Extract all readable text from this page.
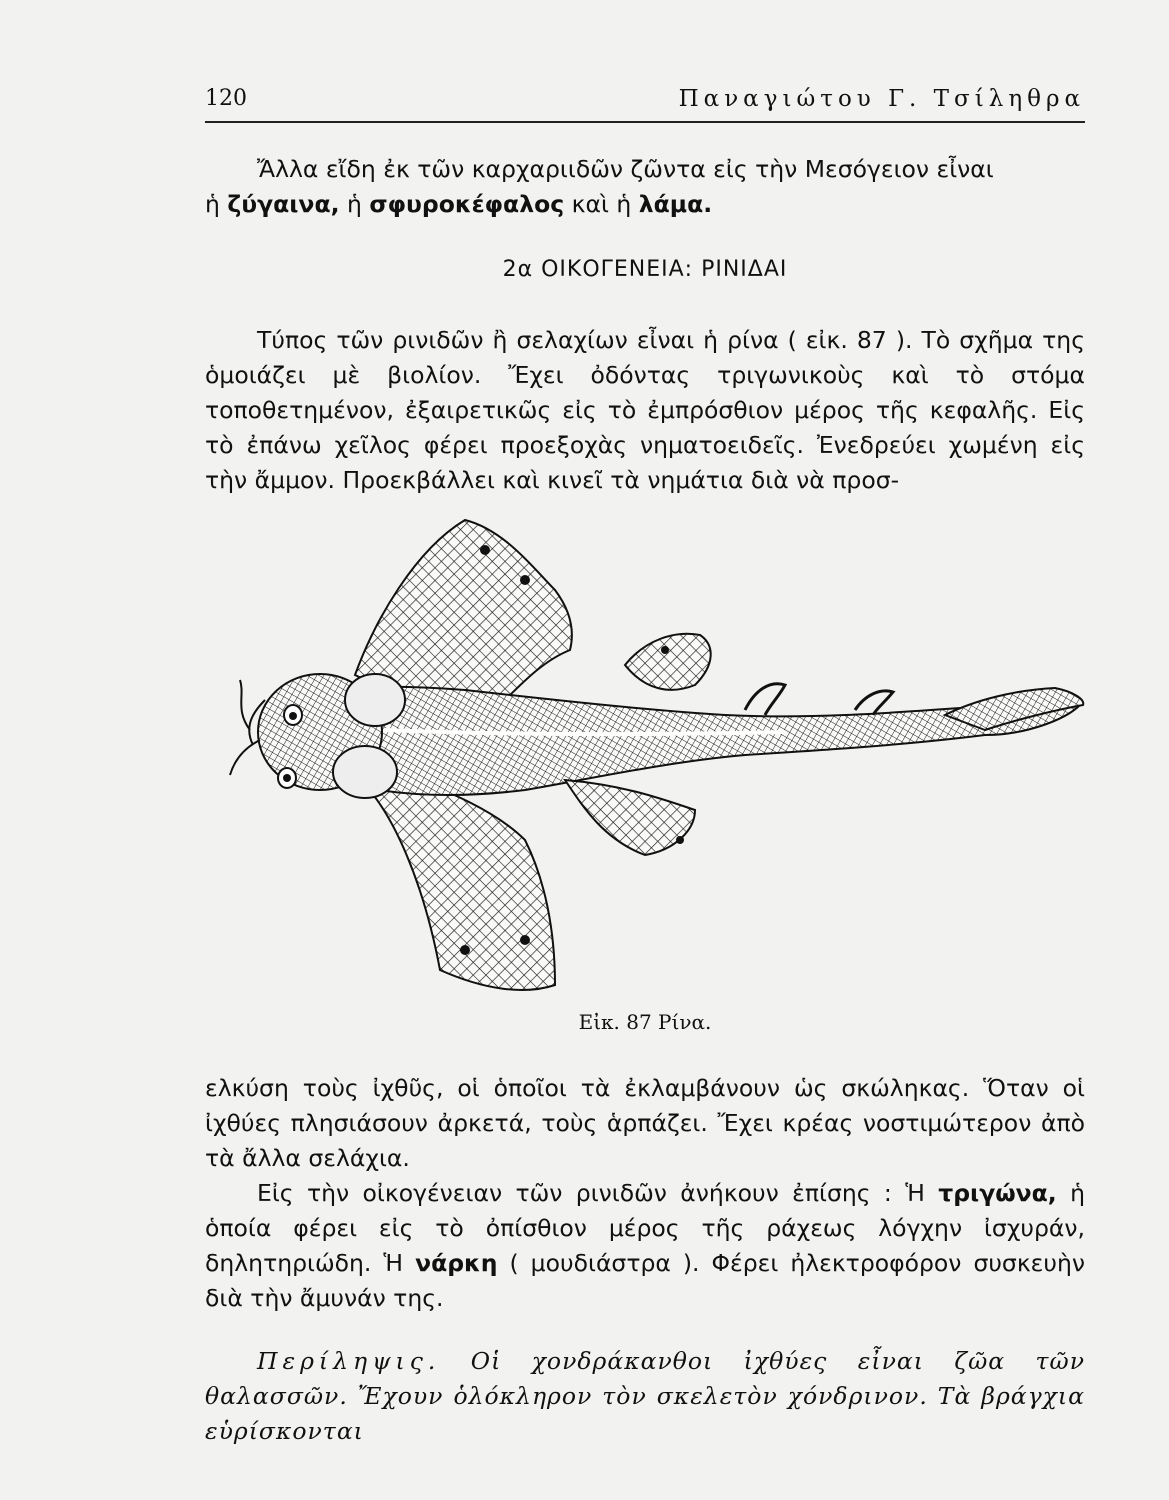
120	Παναγιώτου Γ. Τσίληθρα

Ἄλλα εἴδη ἐκ τῶν καρχαριιδῶν ζῶντα εἰς τὴν Μεσόγειον εἶναι

ἡ ζύγαινα, ἡ σφυροκέφαλος καὶ ἡ λάμα.

2α ΟΙΚΟΓΕΝΕΙΑ: ΡΙΝΙΔΑΙ

Τύπος τῶν ρινιδῶν ἢ σελαχίων εἶναι ἡ ρίνα ( εἰκ. 87 ). Τὸ σχῆμα της ὁμοιάζει μὲ βιολίον. Ἔχει ὀδόντας τριγωνικοὺς καὶ τὸ στόμα τοποθετημένον, ἐξαιρετικῶς εἰς τὸ ἐμπρόσθιον μέρος τῆς κεφαλῆς. Εἰς τὸ ἐπάνω χεῖλος φέρει προεξοχὰς νηματοειδεῖς. Ἐνεδρεύει χωμένη εἰς τὴν ἄμμον. Προεκβάλλει καὶ κινεῖ τὰ νημάτια διὰ νὰ προσ-

Εἰκ. 87 Ρίνα.

ελκύση τοὺς ἰχθῦς, οἱ ὁποῖοι τὰ ἐκλαμβάνουν ὡς σκώληκας. Ὅταν οἱ ἰχθύες πλησιάσουν ἀρκετά, τοὺς ἁρπάζει. Ἔχει κρέας νοστιμώτερον ἀπὸ τὰ ἄλλα σελάχια.

Εἰς τὴν οἰκογένειαν τῶν ρινιδῶν ἀνήκουν ἐπίσης : Ἡ τριγώνα, ἡ ὁποία φέρει εἰς τὸ ὀπίσθιον μέρος τῆς ράχεως λόγχην ἰσχυράν, δηλητηριώδη. Ἡ νάρκη ( μουδιάστρα ). Φέρει ἠλεκτροφόρον συσκευὴν διὰ τὴν ἄμυνάν της.

Περίληψις. Οἱ χονδράκανθοι ἰχθύες εἶναι ζῶα τῶν θαλασσῶν. Ἔχουν ὁλόκληρον τὸν σκελετὸν χόνδρινον. Τὰ βράγχια εὑρίσκονται
